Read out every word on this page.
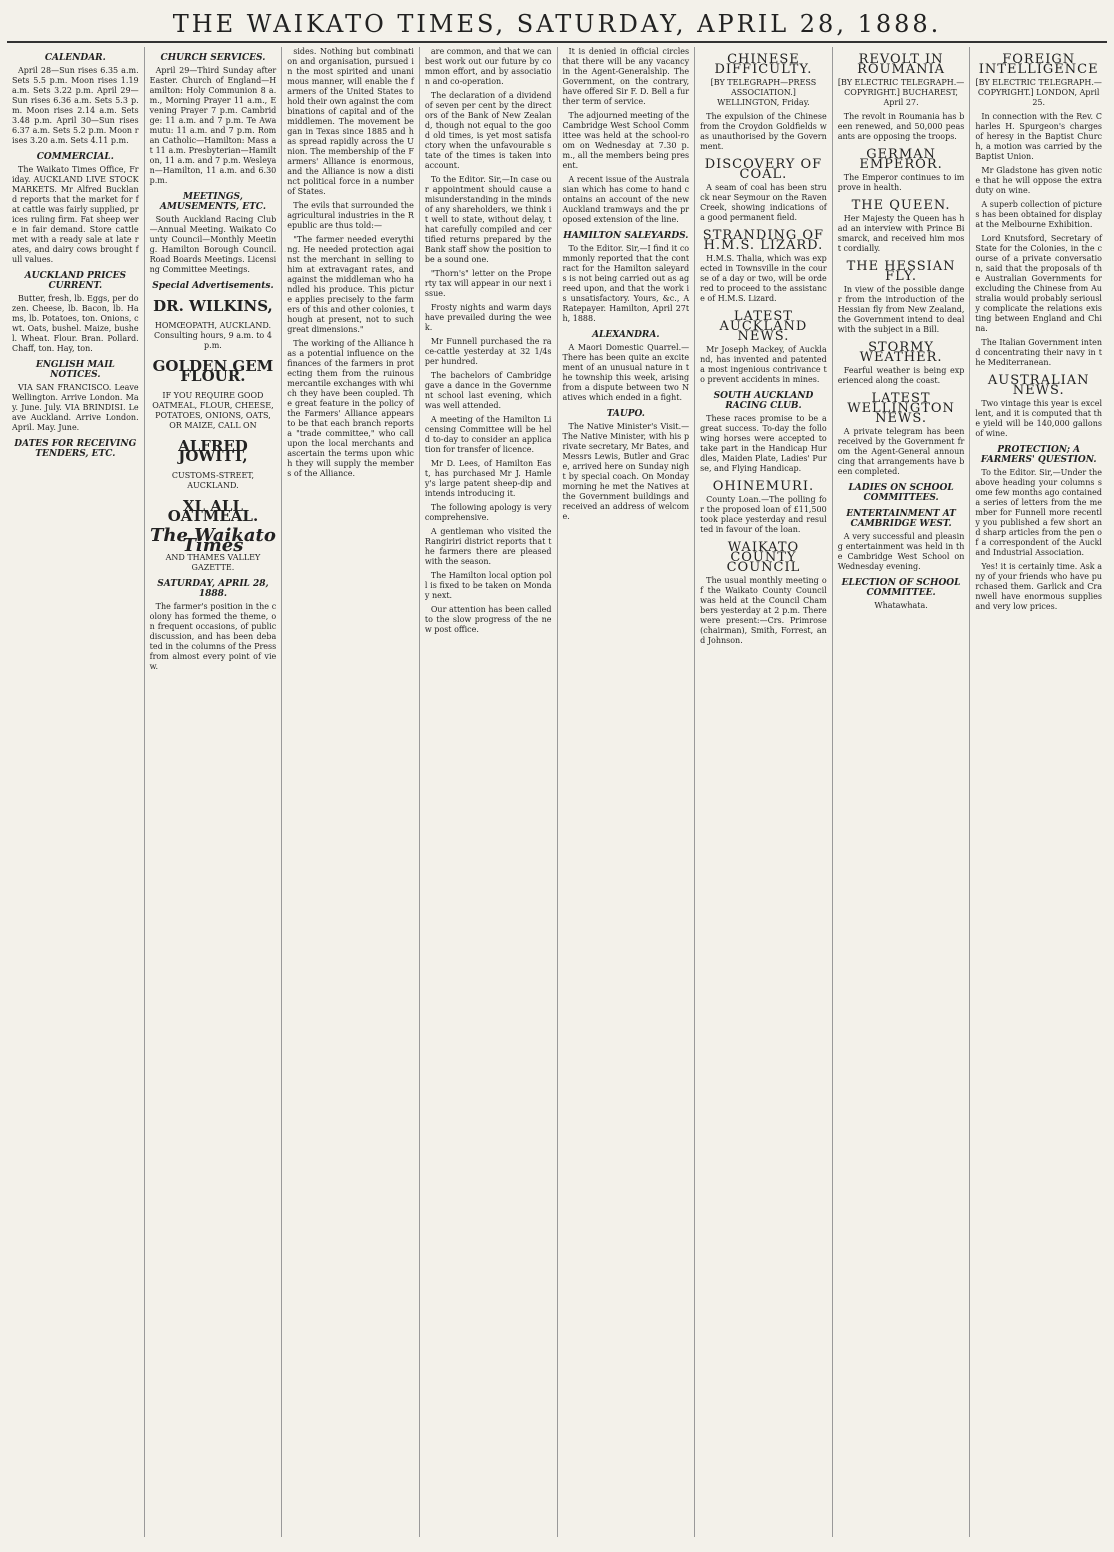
THE WAIKATO TIMES, SATURDAY, APRIL 28, 1888.
CALENDAR.
April 28—Sun rises 6.35 a.m. Sets 5.5 p.m. Moon rises 1.19 a.m. Sets 3.22 p.m. April 29—Sun rises 6.36 a.m. Sets 5.3 p.m. Moon rises 2.14 a.m. Sets 3.48 p.m. April 30—Sun rises 6.37 a.m. Sets 5.2 p.m. Moon rises 3.20 a.m. Sets 4.11 p.m.
COMMERCIAL.
The Waikato Times Office, Friday. AUCKLAND LIVE STOCK MARKETS. Mr Alfred Buckland reports that the market for fat cattle was fairly supplied, prices ruling firm. Fat sheep were in fair demand. Store cattle met with a ready sale at late rates, and dairy cows brought full values.
AUCKLAND PRICES CURRENT.
Butter, fresh, lb. Eggs, per dozen. Cheese, lb. Bacon, lb. Hams, lb. Potatoes, ton. Onions, cwt. Oats, bushel. Maize, bushel. Wheat. Flour. Bran. Pollard. Chaff, ton. Hay, ton.
ENGLISH MAIL NOTICES.
VIA SAN FRANCISCO. Leave Wellington. Arrive London. May. June. July. VIA BRINDISI. Leave Auckland. Arrive London. April. May. June.
DATES FOR RECEIVING TENDERS, ETC.
CHURCH SERVICES.
April 29—Third Sunday after Easter. Church of England—Hamilton: Holy Communion 8 a.m., Morning Prayer 11 a.m., Evening Prayer 7 p.m. Cambridge: 11 a.m. and 7 p.m. Te Awamutu: 11 a.m. and 7 p.m. Roman Catholic—Hamilton: Mass at 11 a.m. Presbyterian—Hamilton, 11 a.m. and 7 p.m. Wesleyan—Hamilton, 11 a.m. and 6.30 p.m.
MEETINGS, AMUSEMENTS, ETC.
South Auckland Racing Club—Annual Meeting. Waikato County Council—Monthly Meeting. Hamilton Borough Council. Road Boards Meetings. Licensing Committee Meetings.
Special Advertisements.
DR. WILKINS,
HOMŒOPATH, AUCKLAND. Consulting hours, 9 a.m. to 4 p.m.
GOLDEN GEM FLOUR.
IF YOU REQUIRE GOOD OATMEAL, FLOUR, CHEESE, POTATOES, ONIONS, OATS, OR MAIZE, CALL ON
ALFRED JOWITT,
CUSTOMS-STREET, AUCKLAND.
XL ALL OATMEAL.
The Waikato Times
AND THAMES VALLEY GAZETTE.
SATURDAY, APRIL 28, 1888.
The farmer's position in the colony has formed the theme, on frequent occasions, of public discussion, and has been debated in the columns of the Press from almost every point of view.
sides. Nothing but combination and organisation, pursued in the most spirited and unanimous manner, will enable the farmers of the United States to hold their own against the combinations of capital and of the middlemen. The movement began in Texas since 1885 and has spread rapidly across the Union. The membership of the Farmers' Alliance is enormous, and the Alliance is now a distinct political force in a number of States.
The evils that surrounded the agricultural industries in the Republic are thus told:—
"The farmer needed everything. He needed protection against the merchant in selling to him at extravagant rates, and against the middleman who handled his produce. This picture applies precisely to the farmers of this and other colonies, though at present, not to such great dimensions."
The working of the Alliance has a potential influence on the finances of the farmers in protecting them from the ruinous mercantile exchanges with which they have been coupled. The great feature in the policy of the Farmers' Alliance appears to be that each branch reports a "trade committee," who call upon the local merchants and ascertain the terms upon which they will supply the members of the Alliance.
are common, and that we can best work out our future by common effort, and by association and co-operation.
The declaration of a dividend of seven per cent by the directors of the Bank of New Zealand, though not equal to the good old times, is yet most satisfactory when the unfavourable state of the times is taken into account.
To the Editor. Sir,—In case our appointment should cause a misunderstanding in the minds of any shareholders, we think it well to state, without delay, that carefully compiled and certified returns prepared by the Bank staff show the position to be a sound one.
"Thorn's" letter on the Property tax will appear in our next issue.
Frosty nights and warm days have prevailed during the week.
Mr Funnell purchased the race-cattle yesterday at 32 1/4s per hundred.
The bachelors of Cambridge gave a dance in the Government school last evening, which was well attended.
A meeting of the Hamilton Licensing Committee will be held to-day to consider an application for transfer of licence.
Mr D. Lees, of Hamilton East, has purchased Mr J. Hamley's large patent sheep-dip and intends introducing it.
The following apology is very comprehensive.
A gentleman who visited the Rangiriri district reports that the farmers there are pleased with the season.
The Hamilton local option poll is fixed to be taken on Monday next.
Our attention has been called to the slow progress of the new post office.
It is denied in official circles that there will be any vacancy in the Agent-Generalship. The Government, on the contrary, have offered Sir F. D. Bell a further term of service.
The adjourned meeting of the Cambridge West School Committee was held at the school-room on Wednesday at 7.30 p.m., all the members being present.
A recent issue of the Australasian which has come to hand contains an account of the new Auckland tramways and the proposed extension of the line.
HAMILTON SALEYARDS.
To the Editor. Sir,—I find it commonly reported that the contract for the Hamilton saleyards is not being carried out as agreed upon, and that the work is unsatisfactory. Yours, &c., A Ratepayer. Hamilton, April 27th, 1888.
ALEXANDRA.
A Maori Domestic Quarrel.—There has been quite an excitement of an unusual nature in the township this week, arising from a dispute between two Natives which ended in a fight.
TAUPO.
The Native Minister's Visit.—The Native Minister, with his private secretary, Mr Bates, and Messrs Lewis, Butler and Grace, arrived here on Sunday night by special coach. On Monday morning he met the Natives at the Government buildings and received an address of welcome.
CHINESE DIFFICULTY.
[BY TELEGRAPH—PRESS ASSOCIATION.] WELLINGTON, Friday.
The expulsion of the Chinese from the Croydon Goldfields was unauthorised by the Government.
DISCOVERY OF COAL.
A seam of coal has been struck near Seymour on the Raven Creek, showing indications of a good permanent field.
STRANDING OF H.M.S. LIZARD.
H.M.S. Thalia, which was expected in Townsville in the course of a day or two, will be ordered to proceed to the assistance of H.M.S. Lizard.
LATEST AUCKLAND NEWS.
Mr Joseph Mackey, of Auckland, has invented and patented a most ingenious contrivance to prevent accidents in mines.
SOUTH AUCKLAND RACING CLUB.
These races promise to be a great success. To-day the following horses were accepted to take part in the Handicap Hurdles, Maiden Plate, Ladies' Purse, and Flying Handicap.
OHINEMURI.
County Loan.—The polling for the proposed loan of £11,500 took place yesterday and resulted in favour of the loan.
WAIKATO COUNTY COUNCIL
The usual monthly meeting of the Waikato County Council was held at the Council Chambers yesterday at 2 p.m. There were present:—Crs. Primrose (chairman), Smith, Forrest, and Johnson.
REVOLT IN ROUMANIA
[BY ELECTRIC TELEGRAPH.—COPYRIGHT.] BUCHAREST, April 27.
The revolt in Roumania has been renewed, and 50,000 peasants are opposing the troops.
GERMAN EMPEROR.
The Emperor continues to improve in health.
THE QUEEN.
Her Majesty the Queen has had an interview with Prince Bismarck, and received him most cordially.
THE HESSIAN FLY.
In view of the possible danger from the introduction of the Hessian fly from New Zealand, the Government intend to deal with the subject in a Bill.
STORMY WEATHER.
Fearful weather is being experienced along the coast.
LATEST WELLINGTON NEWS.
A private telegram has been received by the Government from the Agent-General announcing that arrangements have been completed.
LADIES ON SCHOOL COMMITTEES.
ENTERTAINMENT AT CAMBRIDGE WEST.
A very successful and pleasing entertainment was held in the Cambridge West School on Wednesday evening.
ELECTION OF SCHOOL COMMITTEE.
Whatawhata.
FOREIGN INTELLIGENCE
[BY ELECTRIC TELEGRAPH.—COPYRIGHT.] LONDON, April 25.
In connection with the Rev. Charles H. Spurgeon's charges of heresy in the Baptist Church, a motion was carried by the Baptist Union.
Mr Gladstone has given notice that he will oppose the extra duty on wine.
A superb collection of pictures has been obtained for display at the Melbourne Exhibition.
Lord Knutsford, Secretary of State for the Colonies, in the course of a private conversation, said that the proposals of the Australian Governments for excluding the Chinese from Australia would probably seriously complicate the relations existing between England and China.
The Italian Government intend concentrating their navy in the Mediterranean.
AUSTRALIAN NEWS.
Two vintage this year is excellent, and it is computed that the yield will be 140,000 gallons of wine.
PROTECTION; A FARMERS' QUESTION.
To the Editor. Sir,—Under the above heading your columns some few months ago contained a series of letters from the member for Funnell more recently you published a few short and sharp articles from the pen of a correspondent of the Auckland Industrial Association.
Yes! it is certainly time. Ask any of your friends who have purchased them. Garlick and Cranwell have enormous supplies and very low prices.
